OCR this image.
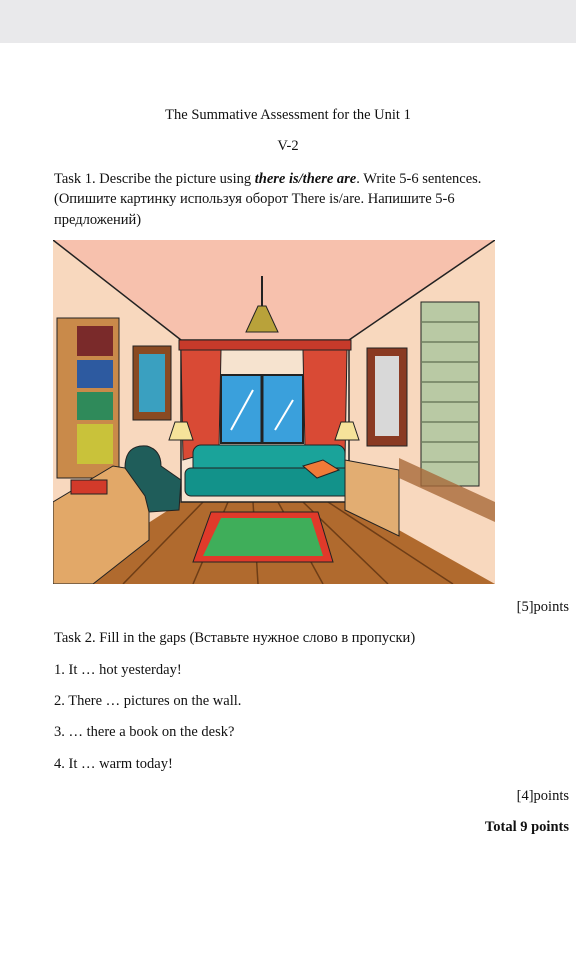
The Summative Assessment for the Unit 1
V-2
Task 1. Describe the picture using there is/there are. Write 5-6 sentences.
(Опишите картинку используя оборот There is/are. Напишите 5-6
предложений)
[5]points
Task 2. Fill in the gaps (Вставьте нужное слово в пропуски)
1. It … hot yesterday!
2. There … pictures on the wall.
3. … there a book on the desk?
4. It … warm today!
[4]points
Total 9 points
